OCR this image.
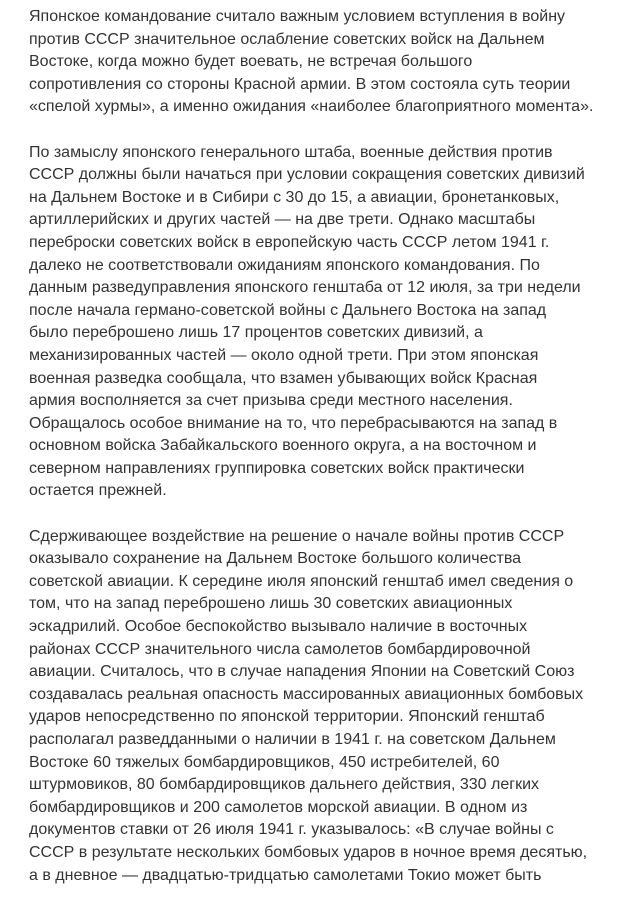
Японское командование считало важным условием вступления в войну
против СССР значительное ослабление советских войск на Дальнем
Востоке, когда можно будет воевать, не встречая большого
сопротивления со стороны Красной армии. В этом состояла суть теории
«спелой хурмы», а именно ожидания «наиболее благоприятного момента».

По замыслу японского генерального штаба, военные действия против
СССР должны были начаться при условии сокращения советских дивизий
на Дальнем Востоке и в Сибири с 30 до 15, а авиации, бронетанковых,
артиллерийских и других частей — на две трети. Однако масштабы
переброски советских войск в европейскую часть СССР летом 1941 г.
далеко не соответствовали ожиданиям японского командования. По
данным разведуправления японского генштаба от 12 июля, за три недели
после начала германо-советской войны с Дальнего Востока на запад
было переброшено лишь 17 процентов советских дивизий, а
механизированных частей — около одной трети. При этом японская
военная разведка сообщала, что взамен убывающих войск Красная
армия восполняется за счет призыва среди местного населения.
Обращалось особое внимание на то, что перебрасываются на запад в
основном войска Забайкальского военного округа, а на восточном и
северном направлениях группировка советских войск практически
остается прежней.

Сдерживающее воздействие на решение о начале войны против СССР
оказывало сохранение на Дальнем Востоке большого количества
советской авиации. К середине июля японский генштаб имел сведения о
том, что на запад переброшено лишь 30 советских авиационных
эскадрилий. Особое беспокойство вызывало наличие в восточных
районах СССР значительного числа самолетов бомбардировочной
авиации. Считалось, что в случае нападения Японии на Советский Союз
создавалась реальная опасность массированных авиационных бомбовых
ударов непосредственно по японской территории. Японский генштаб
располагал разведданными о наличии в 1941 г. на советском Дальнем
Востоке 60 тяжелых бомбардировщиков, 450 истребителей, 60
штурмовиков, 80 бомбардировщиков дальнего действия, 330 легких
бомбардировщиков и 200 самолетов морской авиации. В одном из
документов ставки от 26 июля 1941 г. указывалось: «В случае войны с
СССР в результате нескольких бомбовых ударов в ночное время десятью,
а в дневное — двадцатью-тридцатью самолетами Токио может быть
